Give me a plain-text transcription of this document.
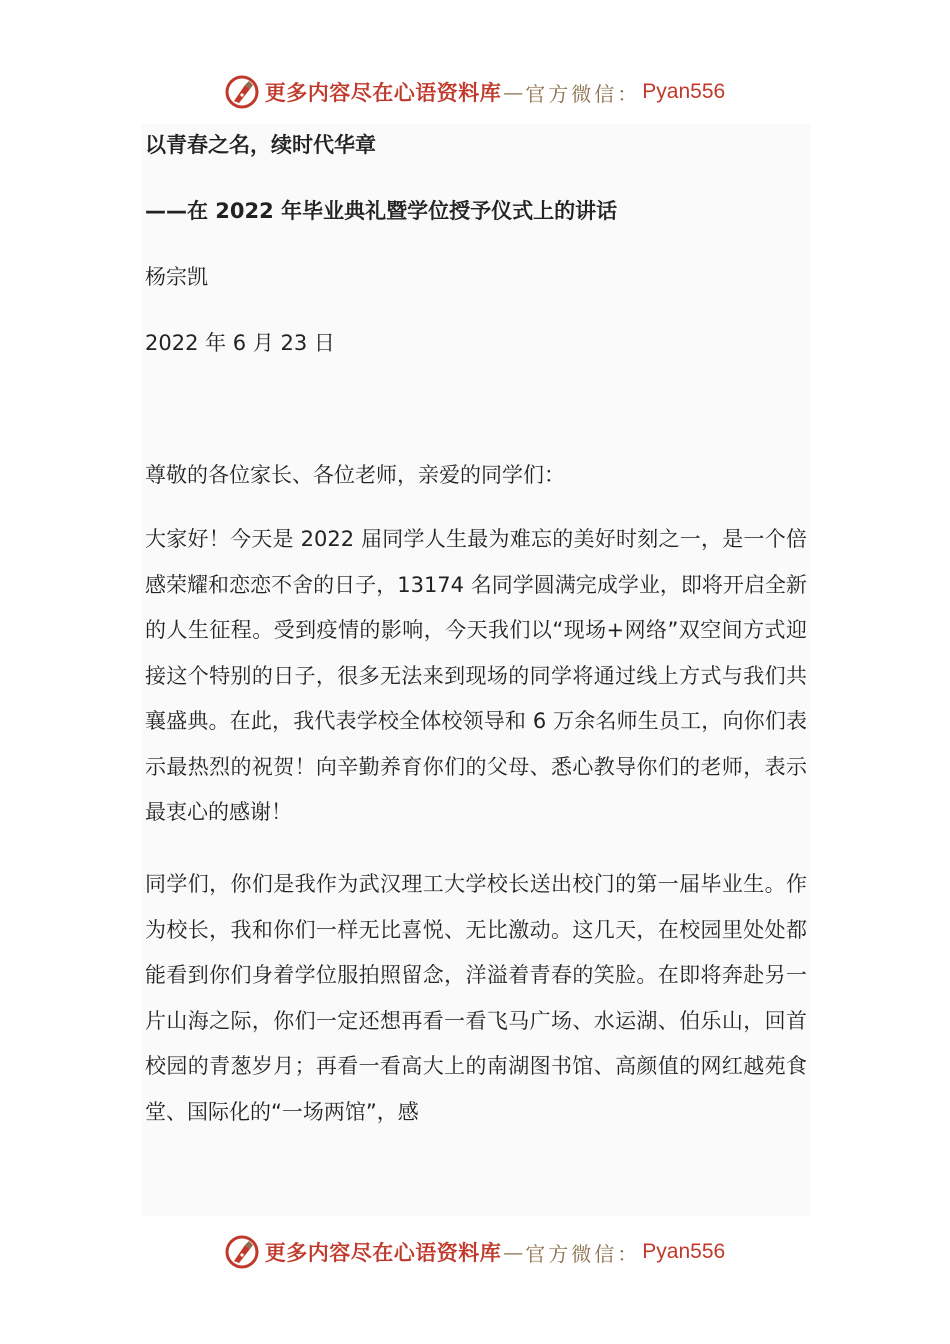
更多内容尽在心语资料库 — 官方微信： Pyan556
以青春之名，续时代华章
——在 2022 年毕业典礼暨学位授予仪式上的讲话

杨宗凯

2022 年 6 月 23 日

尊敬的各位家长、各位老师，亲爱的同学们：

大家好！今天是 2022 届同学人生最为难忘的美好时刻之一，是一个倍感荣耀和恋恋不舍的日子，13174 名同学圆满完成学业，即将开启全新的人生征程。受到疫情的影响，今天我们以“现场+网络”双空间方式迎接这个特别的日子，很多无法来到现场的同学将通过线上方式与我们共襄盛典。在此，我代表学校全体校领导和 6 万余名师生员工，向你们表示最热烈的祝贺！向辛勤养育你们的父母、悉心教导你们的老师，表示最衷心的感谢！

同学们，你们是我作为武汉理工大学校长送出校门的第一届毕业生。作为校长，我和你们一样无比喜悦、无比激动。这几天，在校园里处处都能看到你们身着学位服拍照留念，洋溢着青春的笑脸。在即将奔赴另一片山海之际，你们一定还想再看一看飞马广场、水运湖、伯乐山，回首校园的青葱岁月；再看一看高大上的南湖图书馆、高颜值的网红越苑食堂、国际化的“一场两馆”，感

更多内容尽在心语资料库 — 官方微信： Pyan556
